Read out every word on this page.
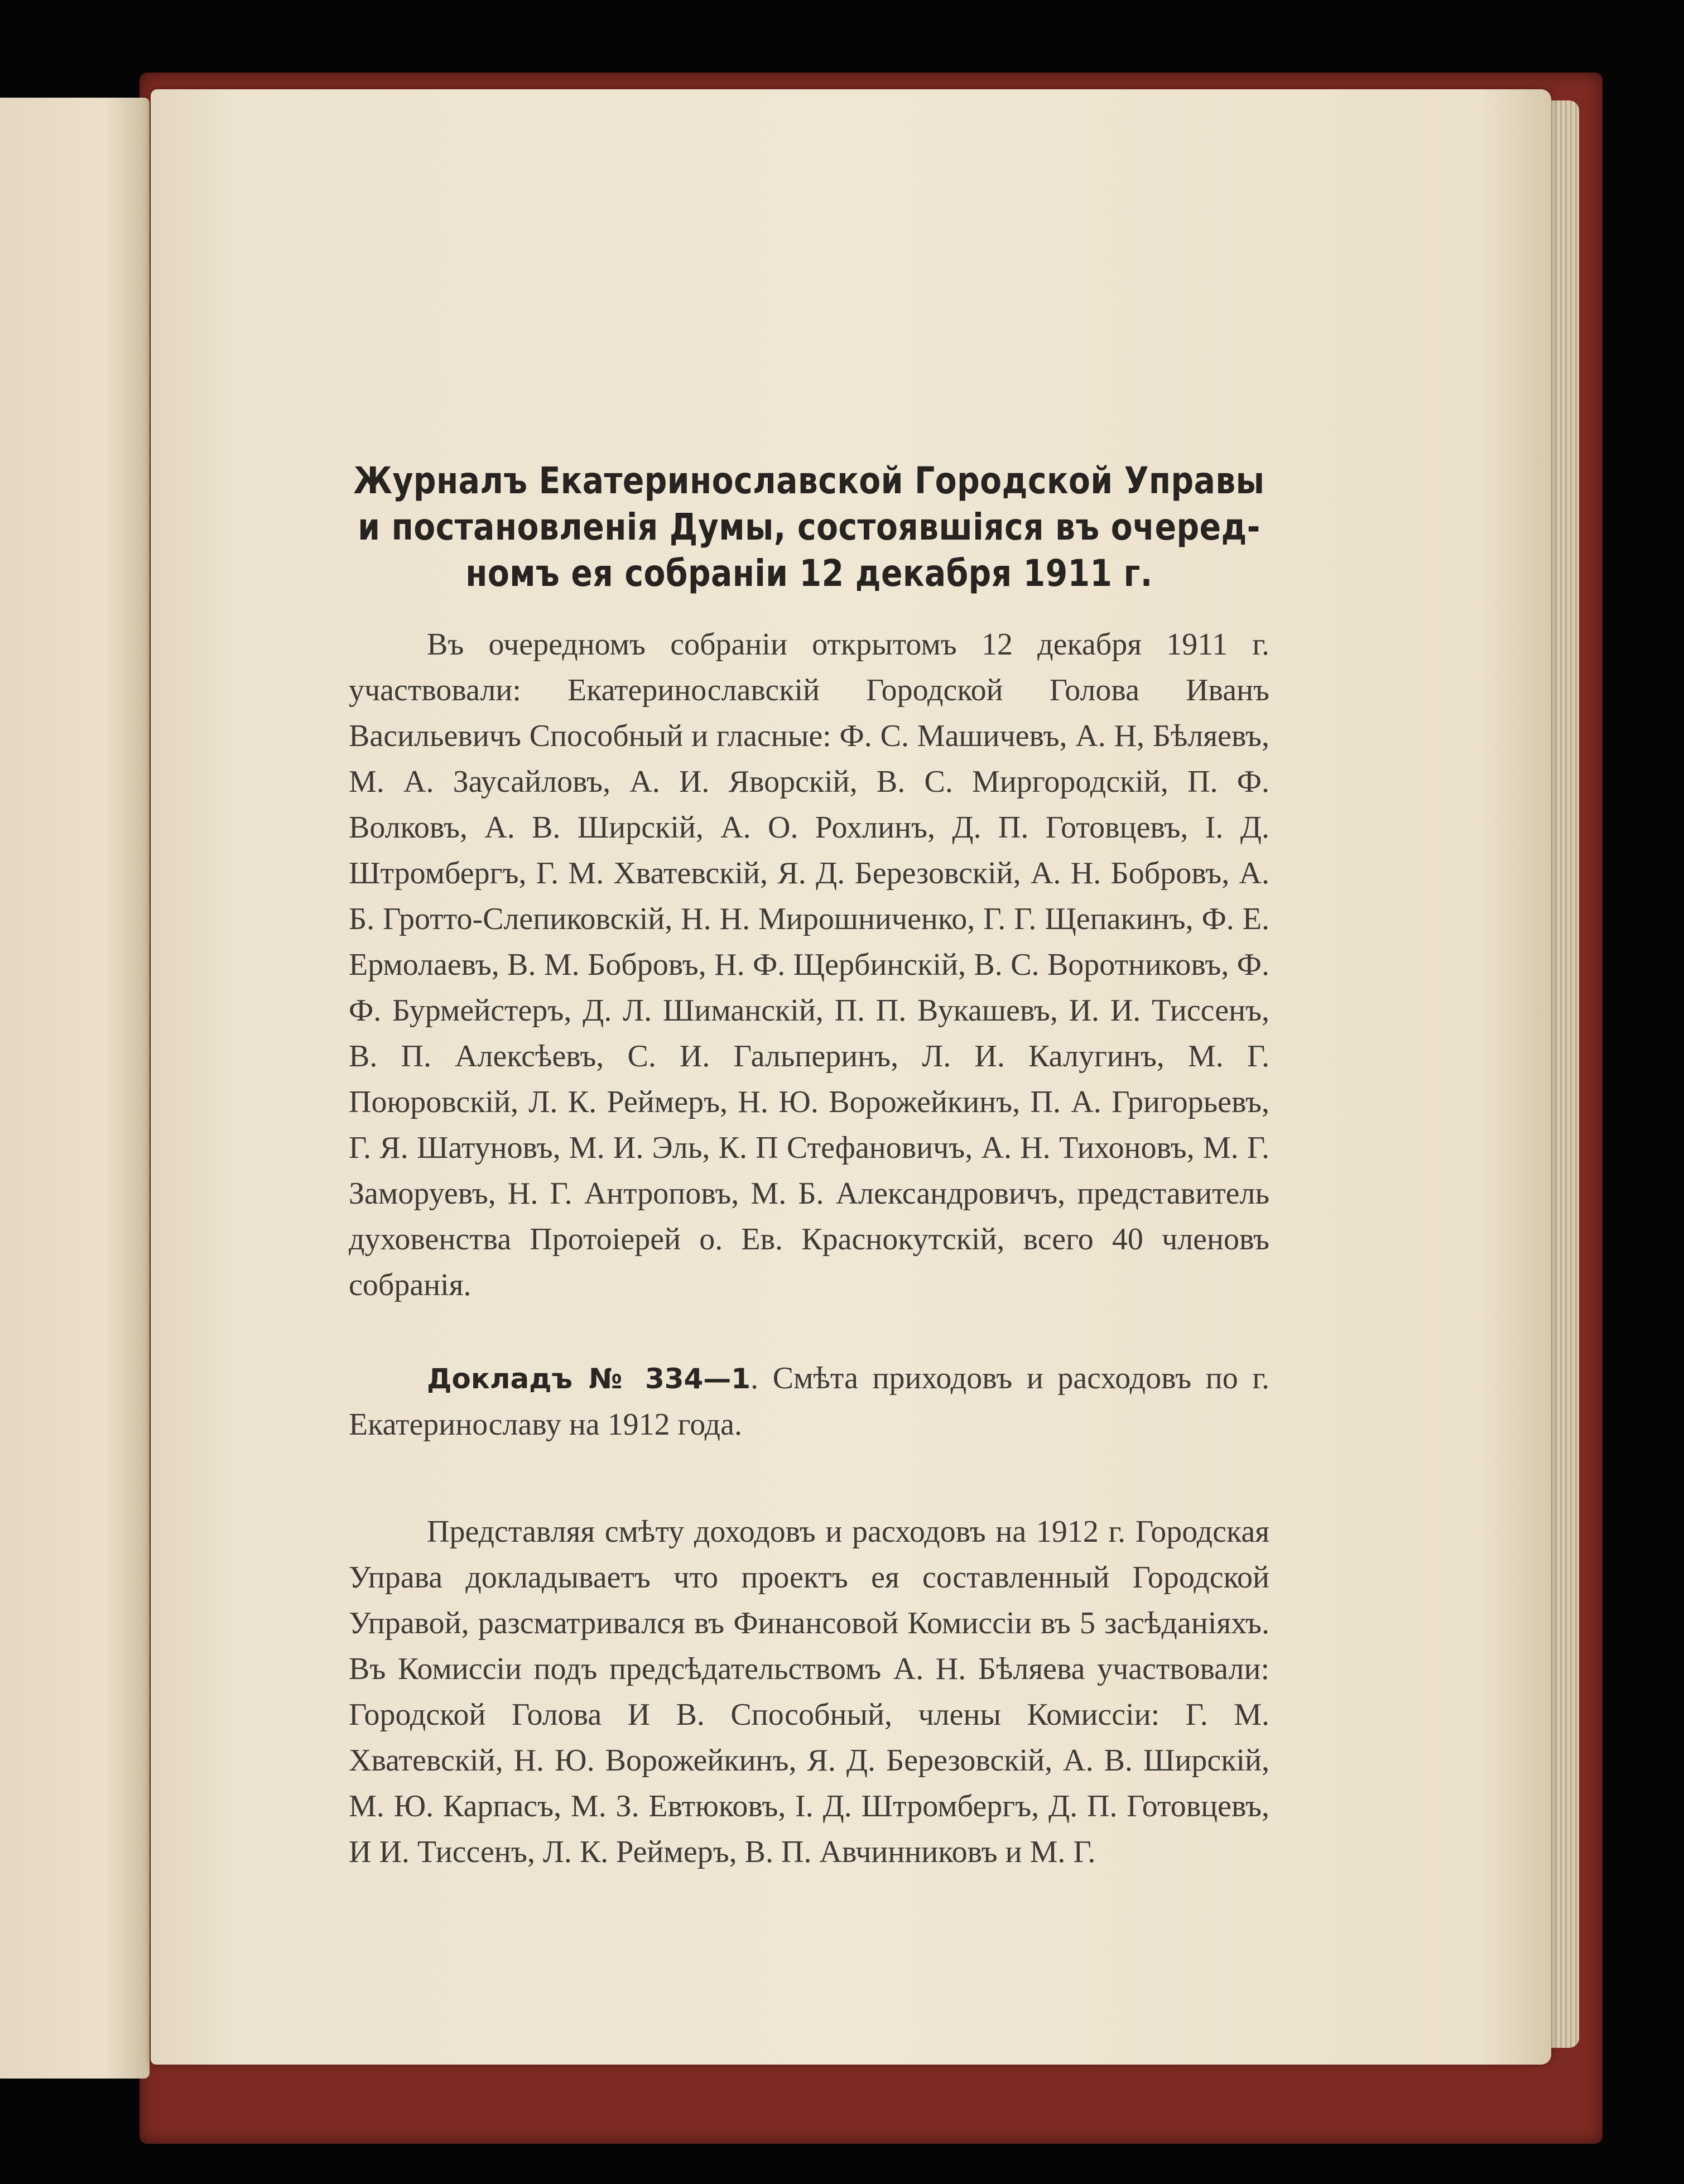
Журналъ Екатеринославской Городской Управы
и постановленія Думы, состоявшіяся въ очеред-
номъ ея собраніи 12 декабря 1911 г.

Въ очередномъ собраніи открытомъ 12 декабря 1911 г. участвовали: Екатеринославскій Городской Голова Иванъ Васильевичъ Способный и гласные: Ф. С. Машичевъ, А. Н, Бѣляевъ, М. А. Заусайловъ, А. И. Яворскій, В. С. Миргородскій, П. Ф. Волковъ, А. В. Ширскій, А. О. Рохлинъ, Д. П. Готовцевъ, І. Д. Штромбергъ, Г. М. Хватевскій, Я. Д. Березовскій, А. Н. Бобровъ, А. Б. Гротто-Слепиковскій, Н. Н. Мирошниченко, Г. Г. Щепакинъ, Ф. Е. Ермолаевъ, В. М. Бобровъ, Н. Ф. Щербинскій, В. С. Воротниковъ, Ф. Ф. Бурмейстеръ, Д. Л. Шиманскій, П. П. Вукашевъ, И. И. Тиссенъ, В. П. Алексѣевъ, С. И. Гальперинъ, Л. И. Калугинъ, М. Г. Поюровскій, Л. К. Реймеръ, Н. Ю. Ворожейкинъ, П. А. Григорьевъ, Г. Я. Шатуновъ, М. И. Эль, К. П Стефановичъ, А. Н. Тихоновъ, М. Г. Заморуевъ, Н. Г. Антроповъ, М. Б. Александровичъ, представитель духовенства Протоіерей о. Ев. Краснокутскій, всего 40 членовъ собранія.

Докладъ № 334—1. Смѣта приходовъ и расходовъ по г. Екатеринославу на 1912 года.

Представляя смѣту доходовъ и расходовъ на 1912 г. Городская Управа докладываетъ что проектъ ея составленный Городской Управой, разсматривался въ Финансовой Комиссіи въ 5 засѣданіяхъ. Въ Комиссіи подъ предсѣдательствомъ А. Н. Бѣляева участвовали: Городской Голова И В. Способный, члены Комиссіи: Г. М. Хватевскій, Н. Ю. Ворожейкинъ, Я. Д. Березовскій, А. В. Ширскій, М. Ю. Карпасъ, М. З. Евтюковъ, І. Д. Штромбергъ, Д. П. Готовцевъ, И И. Тиссенъ, Л. К. Реймеръ, В. П. Авчинниковъ и М. Г.
